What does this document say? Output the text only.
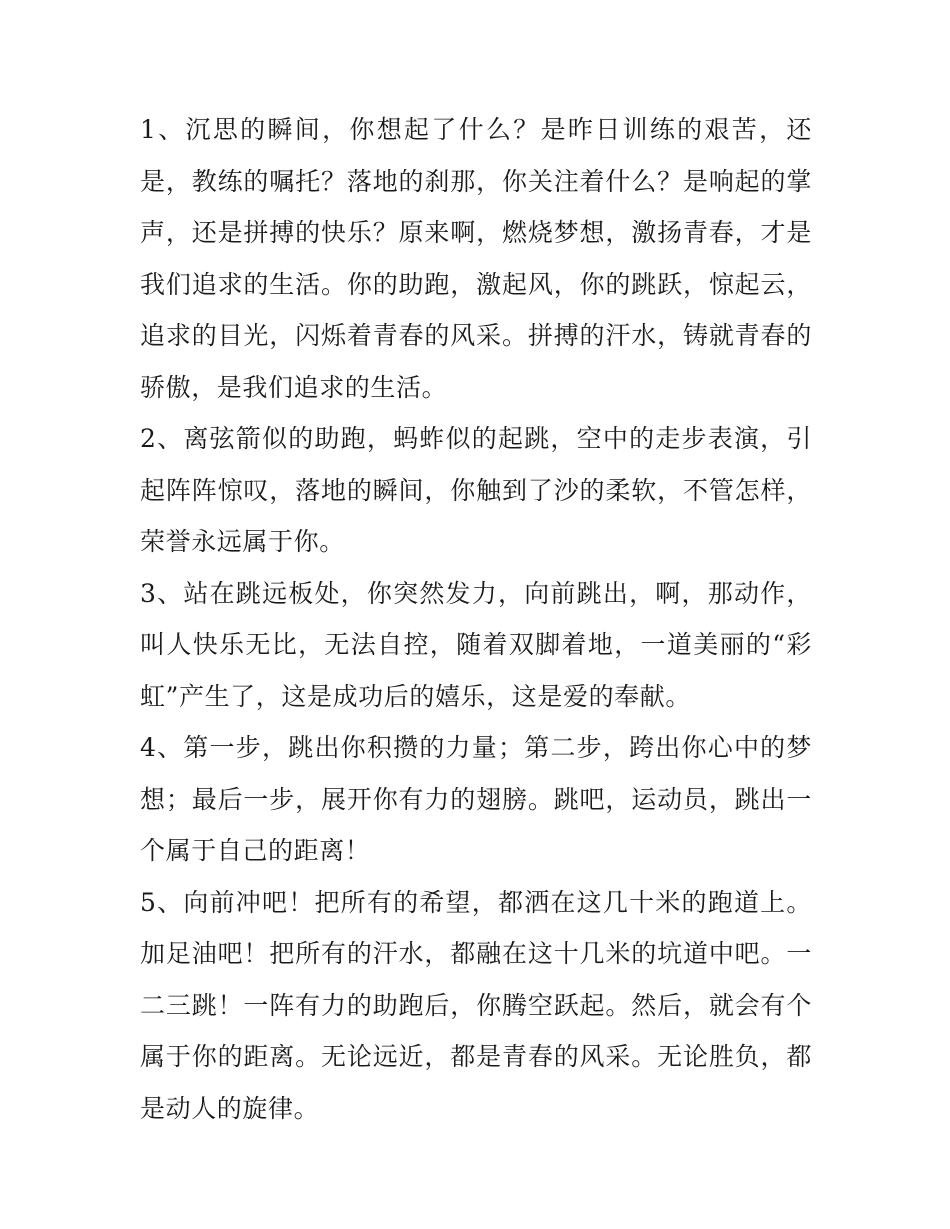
1、沉思的瞬间，你想起了什么？是昨日训练的艰苦，还是，教练的嘱托？落地的刹那，你关注着什么？是响起的掌声，还是拼搏的快乐？原来啊，燃烧梦想，激扬青春，才是我们追求的生活。你的助跑，激起风，你的跳跃，惊起云，追求的目光，闪烁着青春的风采。拼搏的汗水，铸就青春的骄傲，是我们追求的生活。

2、离弦箭似的助跑，蚂蚱似的起跳，空中的走步表演，引起阵阵惊叹，落地的瞬间，你触到了沙的柔软，不管怎样，荣誉永远属于你。

3、站在跳远板处，你突然发力，向前跳出，啊，那动作，叫人快乐无比，无法自控，随着双脚着地，一道美丽的“彩虹”产生了，这是成功后的嬉乐，这是爱的奉献。

4、第一步，跳出你积攒的力量；第二步，跨出你心中的梦想；最后一步，展开你有力的翅膀。跳吧，运动员，跳出一个属于自己的距离！

5、向前冲吧！把所有的希望，都洒在这几十米的跑道上。加足油吧！把所有的汗水，都融在这十几米的坑道中吧。一二三跳！一阵有力的助跑后，你腾空跃起。然后，就会有个属于你的距离。无论远近，都是青春的风采。无论胜负，都是动人的旋律。
